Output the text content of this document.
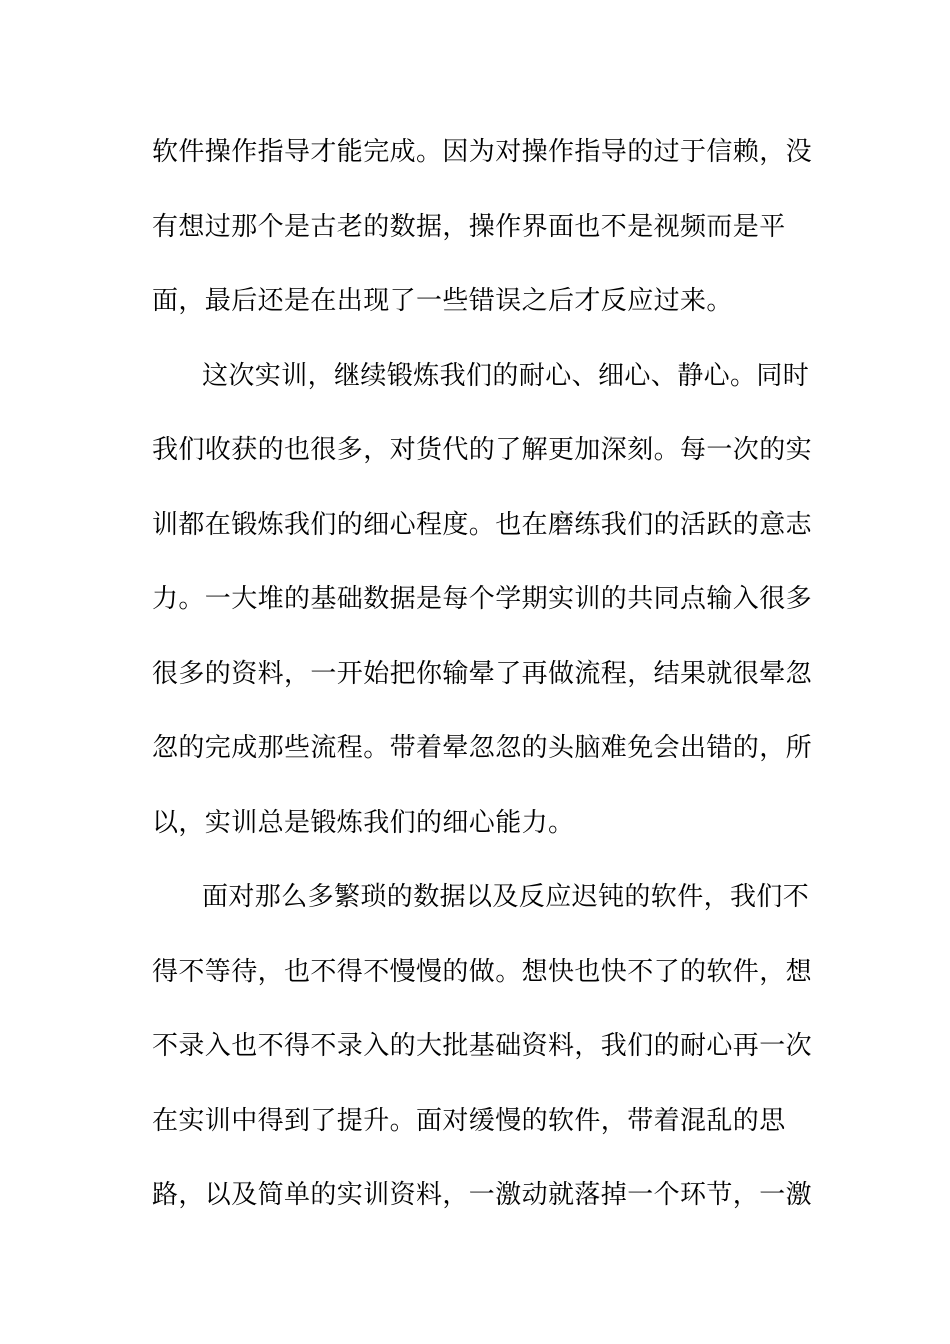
软件操作指导才能完成。因为对操作指导的过于信赖，没
有想过那个是古老的数据，操作界面也不是视频而是平
面，最后还是在出现了一些错误之后才反应过来。
这次实训，继续锻炼我们的耐心、细心、静心。同时
我们收获的也很多，对货代的了解更加深刻。每一次的实
训都在锻炼我们的细心程度。也在磨练我们的活跃的意志
力。一大堆的基础数据是每个学期实训的共同点输入很多
很多的资料，一开始把你输晕了再做流程，结果就很晕忽
忽的完成那些流程。带着晕忽忽的头脑难免会出错的，所
以，实训总是锻炼我们的细心能力。
面对那么多繁琐的数据以及反应迟钝的软件，我们不
得不等待，也不得不慢慢的做。想快也快不了的软件，想
不录入也不得不录入的大批基础资料，我们的耐心再一次
在实训中得到了提升。面对缓慢的软件，带着混乱的思
路，以及简单的实训资料，一激动就落掉一个环节，一激
